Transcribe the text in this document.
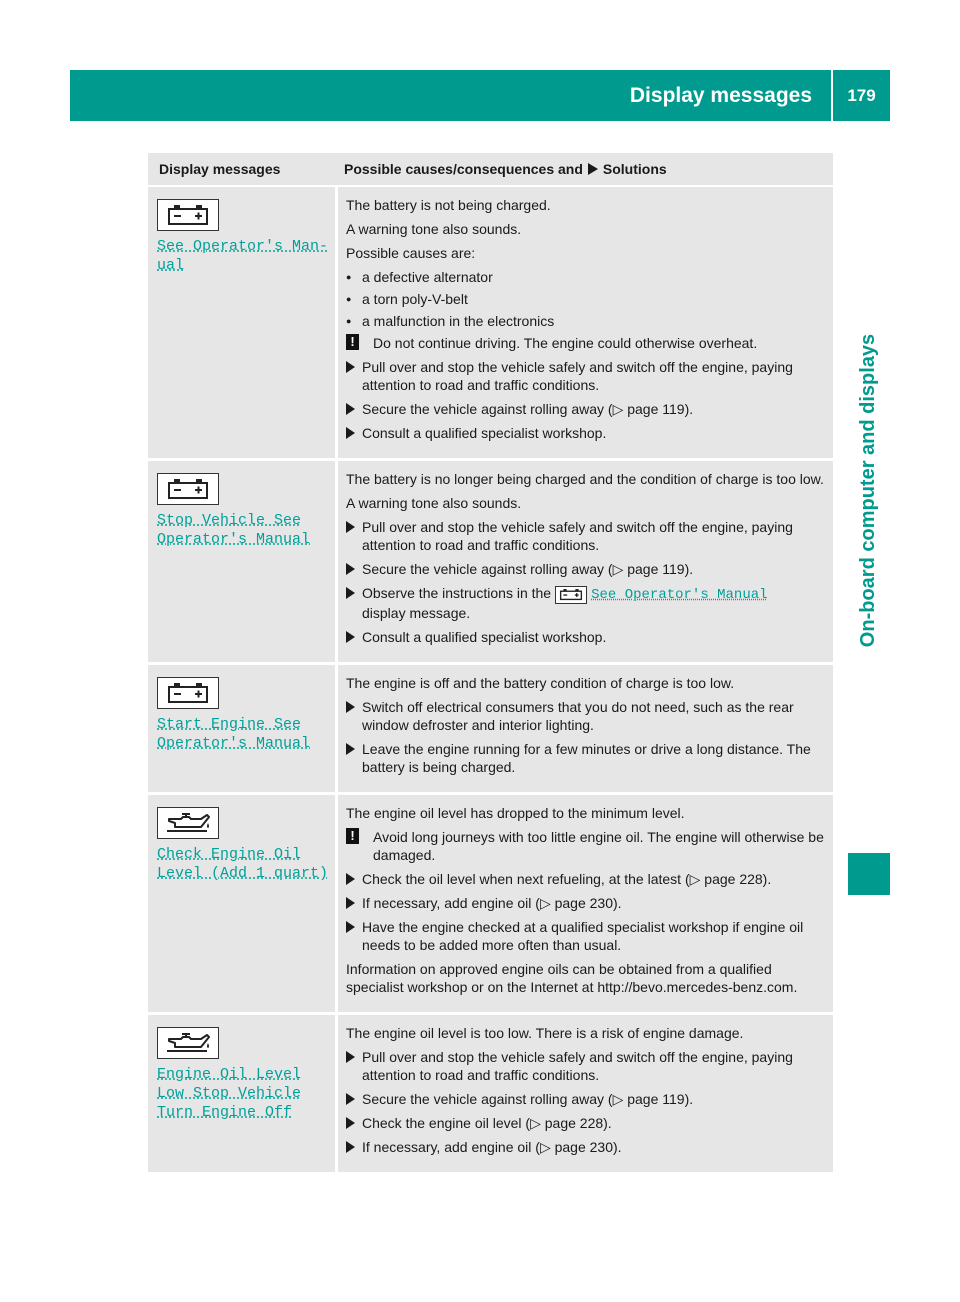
Display messages	179
On-board computer and displays
Display messages	Possible causes/consequences and Solutions
See Operator's Man‐
ual
The battery is not being charged.
A warning tone also sounds.
Possible causes are:
● a defective alternator
● a torn poly-V-belt
● a malfunction in the electronics
!	Do not continue driving. The engine could otherwise overheat.
Pull over and stop the vehicle safely and switch off the engine, paying attention to road and traffic conditions.
Secure the vehicle against rolling away (▷ page 119).
Consult a qualified specialist workshop.
Stop Vehicle See
Operator's Manual
The battery is no longer being charged and the condition of charge is too low.
A warning tone also sounds.
Pull over and stop the vehicle safely and switch off the engine, paying attention to road and traffic conditions.
Secure the vehicle against rolling away (▷ page 119).
Observe the instructions in the	See Operator's Manual
display message.
Consult a qualified specialist workshop.
Start Engine See
Operator's Manual
The engine is off and the battery condition of charge is too low.
Switch off electrical consumers that you do not need, such as the rear window defroster and interior lighting.
Leave the engine running for a few minutes or drive a long distance. The battery is being charged.
Check Engine Oil
Level (Add 1 quart)
The engine oil level has dropped to the minimum level.
!	Avoid long journeys with too little engine oil. The engine will otherwise be damaged.
Check the oil level when next refueling, at the latest (▷ page 228).
If necessary, add engine oil (▷ page 230).
Have the engine checked at a qualified specialist workshop if engine oil needs to be added more often than usual.
Information on approved engine oils can be obtained from a qualified specialist workshop or on the Internet at http://bevo.mercedes-benz.com.
Engine Oil Level
Low Stop Vehicle
Turn Engine Off
The engine oil level is too low. There is a risk of engine damage.
Pull over and stop the vehicle safely and switch off the engine, paying attention to road and traffic conditions.
Secure the vehicle against rolling away (▷ page 119).
Check the engine oil level (▷ page 228).
If necessary, add engine oil (▷ page 230).
